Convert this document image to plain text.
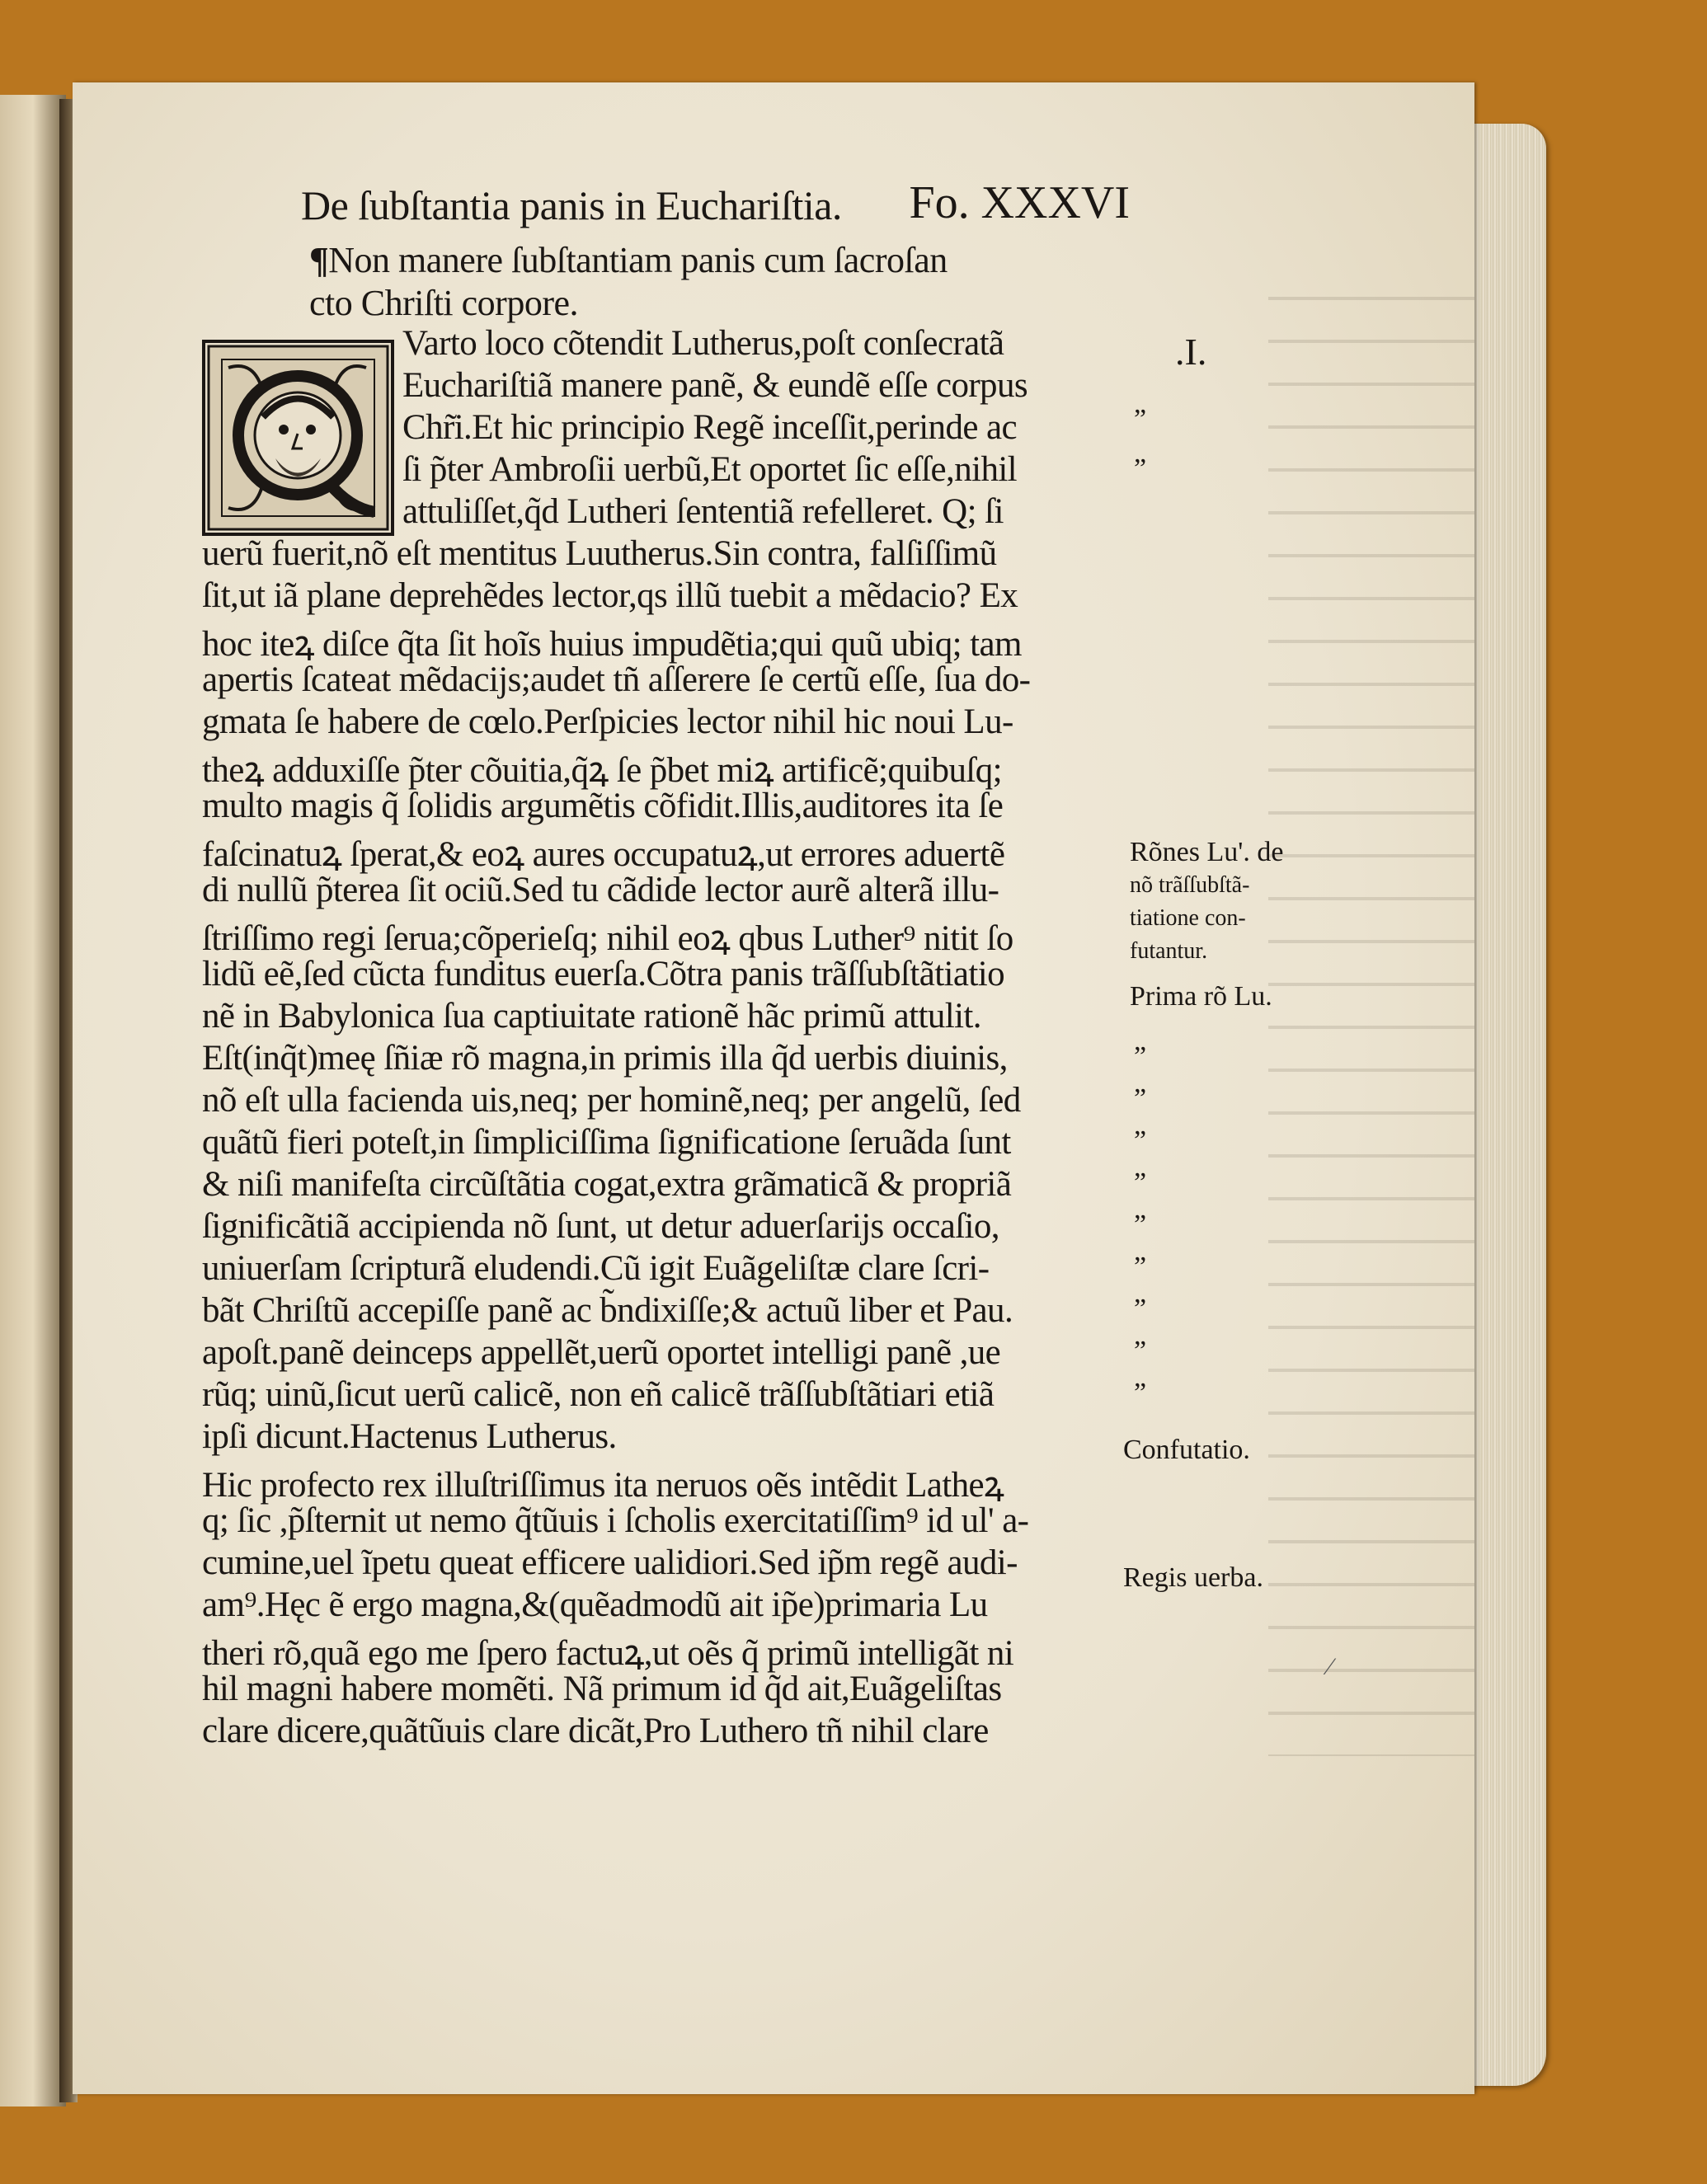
De ſubſtantia panis in Euchariſtia. Fo. XXXVI
¶Non manere ſubſtantiam panis cum ſacroſan
cto Chriſti corpore.
Varto loco cõtendit Lutherus,poſt conſecratã
Euchariſtiã manere panẽ, & eundẽ eſſe corpus
Chr̃i.Et hic principio Regẽ inceſſit,perinde ac
ſi p̃ter Ambroſii uerbũ,Et oportet ſic eſſe,nihil
attuliſſet,q̃d Lutheri ſententiã refelleret. Q; ſi
uerũ fuerit,nõ eſt mentitus Luutherus.Sin contra, falſiſſimũ
ſit,ut iã plane deprehẽdes lector,qs illũ tuebit a mẽdacio? Ex
hoc iteꝝ diſce q̃ta ſit hoĩs huius impudẽtia;qui quũ ubiq; tam
apertis ſcateat mẽdacijs;audet tñ aſſerere ſe certũ eſſe, ſua do-
gmata ſe habere de cœlo.Perſpicies lector nihil hic noui Lu-
theꝝ adduxiſſe p̃ter cõuitia,q̃ꝝ ſe p̃bet miꝝ artificẽ;quibuſq;
multo magis q̃ ſolidis argumẽtis cõfidit.Illis,auditores ita ſe
faſcinatuꝝ ſperat,& eoꝝ aures occupatuꝝ,ut errores aduertẽ
di nullũ p̃terea ſit ociũ.Sed tu cãdide lector aurẽ alterã illu-
ſtriſſimo regi ſerua;cõperieſq; nihil eoꝝ qbus Luther⁹ nitit ſo
lidũ eẽ,ſed cũcta funditus euerſa.Cõtra panis trãſſubſtãtiatio
nẽ in Babylonica ſua captiuitate rationẽ hãc primũ attulit.
Eſt(inq̃t)meę ſñiæ rõ magna,in primis illa q̃d uerbis diuinis,
nõ eſt ulla facienda uis,neq; per hominẽ,neq; per angelũ, ſed
quãtũ fieri poteſt,in ſimpliciſſima ſignificatione ſeruãda ſunt
& niſi manifeſta circũſtãtia cogat,extra grãmaticã & propriã
ſignificãtiã accipienda nõ ſunt, ut detur aduerſarijs occaſio,
uniuerſam ſcripturã eludendi.Cũ igit Euãgeliſtæ clare ſcri-
bãt Chriſtũ accepiſſe panẽ ac b̃ndixiſſe;& actuũ liber et Pau.
apoſt.panẽ deinceps appellẽt,uerũ oportet intelligi panẽ ,ue
rũq; uinũ,ſicut uerũ calicẽ, non eñ calicẽ trãſſubſtãtiari etiã
ipſi dicunt.Hactenus Lutherus.
Hic profecto rex illuſtriſſimus ita neruos oẽs intẽdit Latheꝝ
q; ſic ,p̃ſternit ut nemo q̃tũuis i ſcholis exercitatiſſim⁹ id ul' a-
cumine,uel ĩpetu queat efficere ualidiori.Sed ip̃m regẽ audi-
am⁹.Hęc ẽ ergo magna,&(quẽadmodũ ait ip̃e)primaria Lu
theri rõ,quã ego me ſpero factuꝝ,ut oẽs q̃ primũ intelligãt ni
hil magni habere momẽti. Nã primum id q̃d ait,Euãgeliſtas
clare dicere,quãtũuis clare dicãt,Pro Luthero tñ nihil clare
”
”
”
”
”
”
”
”
”
”
”
.I.
Rõnes Lu'. de
nõ trãſſubſtã-
tiatione con-
futantur.
Prima rõ Lu.
Confutatio.
Regis uerba.
⁄
